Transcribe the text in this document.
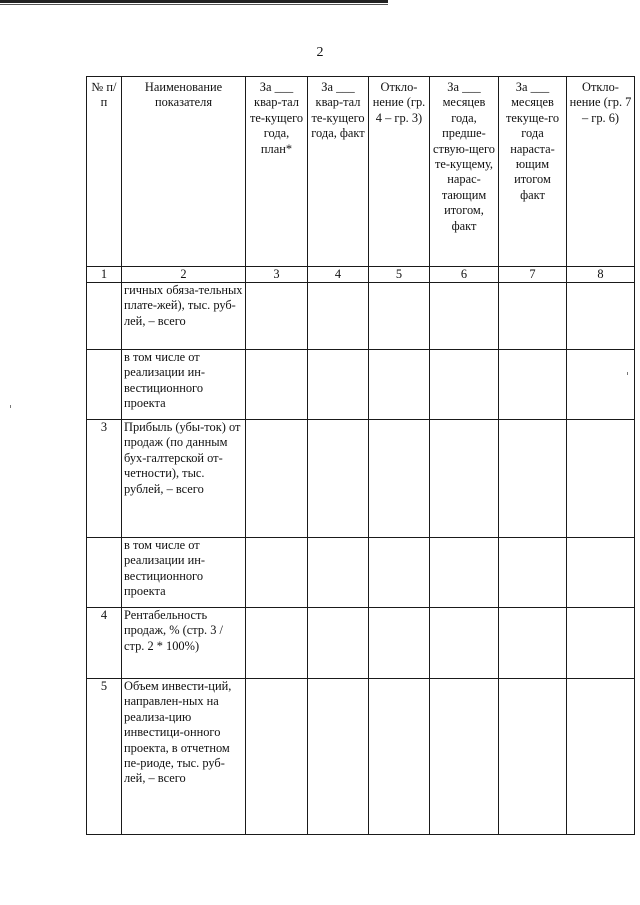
2
№ п/п	Наименование показателя	За ___ квар-тал те-кущего года, план*	За ___ квар-тал те-кущего года, факт	Откло-нение (гр. 4 – гр. 3)	За ___ месяцев года, предше-ствую-щего те-кущему, нарас-тающим итогом, факт	За ___ месяцев текуще-го года нараста-ющим итогом факт	Откло-нение (гр. 7 – гр. 6)
1	2	3	4	5	6	7	8
	гичных обяза-тельных плате-жей), тыс. руб-лей, – всего						
	в том числе от реализации ин-вестиционного проекта						
3	Прибыль (убы-ток) от продаж (по данным бух-галтерской от-четности), тыс. рублей, – всего						
	в том числе от реализации ин-вестиционного проекта						
4	Рентабельность продаж, % (стр. 3 / стр. 2 * 100%)						
5	Объем инвести-ций, направлен-ных на реализа-цию инвестици-онного проекта, в отчетном пе-риоде, тыс. руб-лей, – всего						
